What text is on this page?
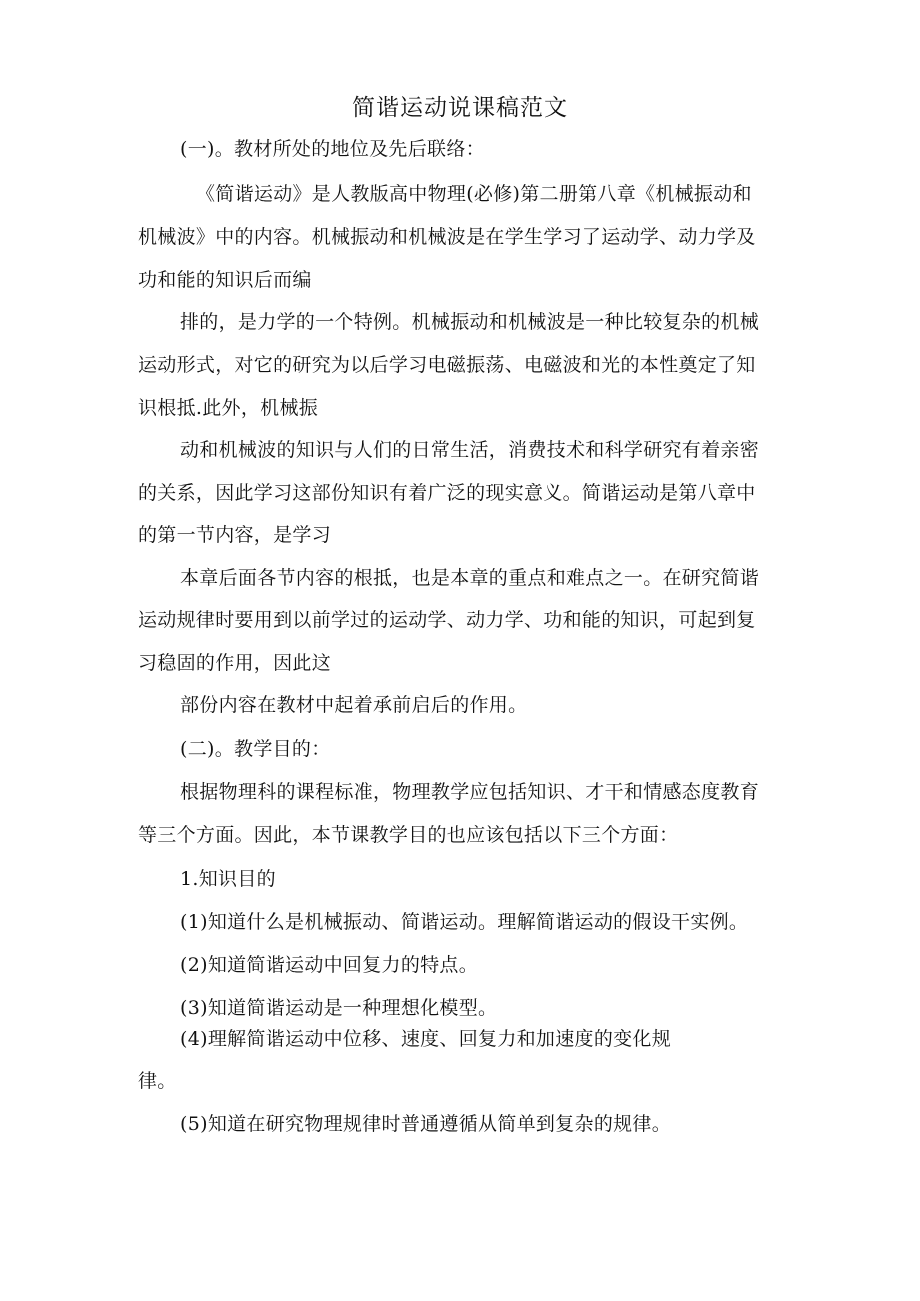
简谐运动说课稿范文
(一)。教材所处的地位及先后联络：
《简谐运动》是人教版高中物理(必修)第二册第八章《机械振动和
机械波》中的内容。机械振动和机械波是在学生学习了运动学、动力学及
功和能的知识后而编
排的，是力学的一个特例。机械振动和机械波是一种比较复杂的机械
运动形式，对它的研究为以后学习电磁振荡、电磁波和光的本性奠定了知
识根抵.此外，机械振
动和机械波的知识与人们的日常生活，消费技术和科学研究有着亲密
的关系，因此学习这部份知识有着广泛的现实意义。简谐运动是第八章中
的第一节内容，是学习
本章后面各节内容的根抵，也是本章的重点和难点之一。在研究简谐
运动规律时要用到以前学过的运动学、动力学、功和能的知识，可起到复
习稳固的作用，因此这
部份内容在教材中起着承前启后的作用。
(二)。教学目的：
根据物理科的课程标准，物理教学应包括知识、才干和情感态度教育
等三个方面。因此，本节课教学目的也应该包括以下三个方面：
1.知识目的
(1)知道什么是机械振动、简谐运动。理解简谐运动的假设干实例。
(2)知道简谐运动中回复力的特点。
(3)知道简谐运动是一种理想化模型。
(4)理解简谐运动中位移、速度、回复力和加速度的变化规
律。
(5)知道在研究物理规律时普通遵循从简单到复杂的规律。
